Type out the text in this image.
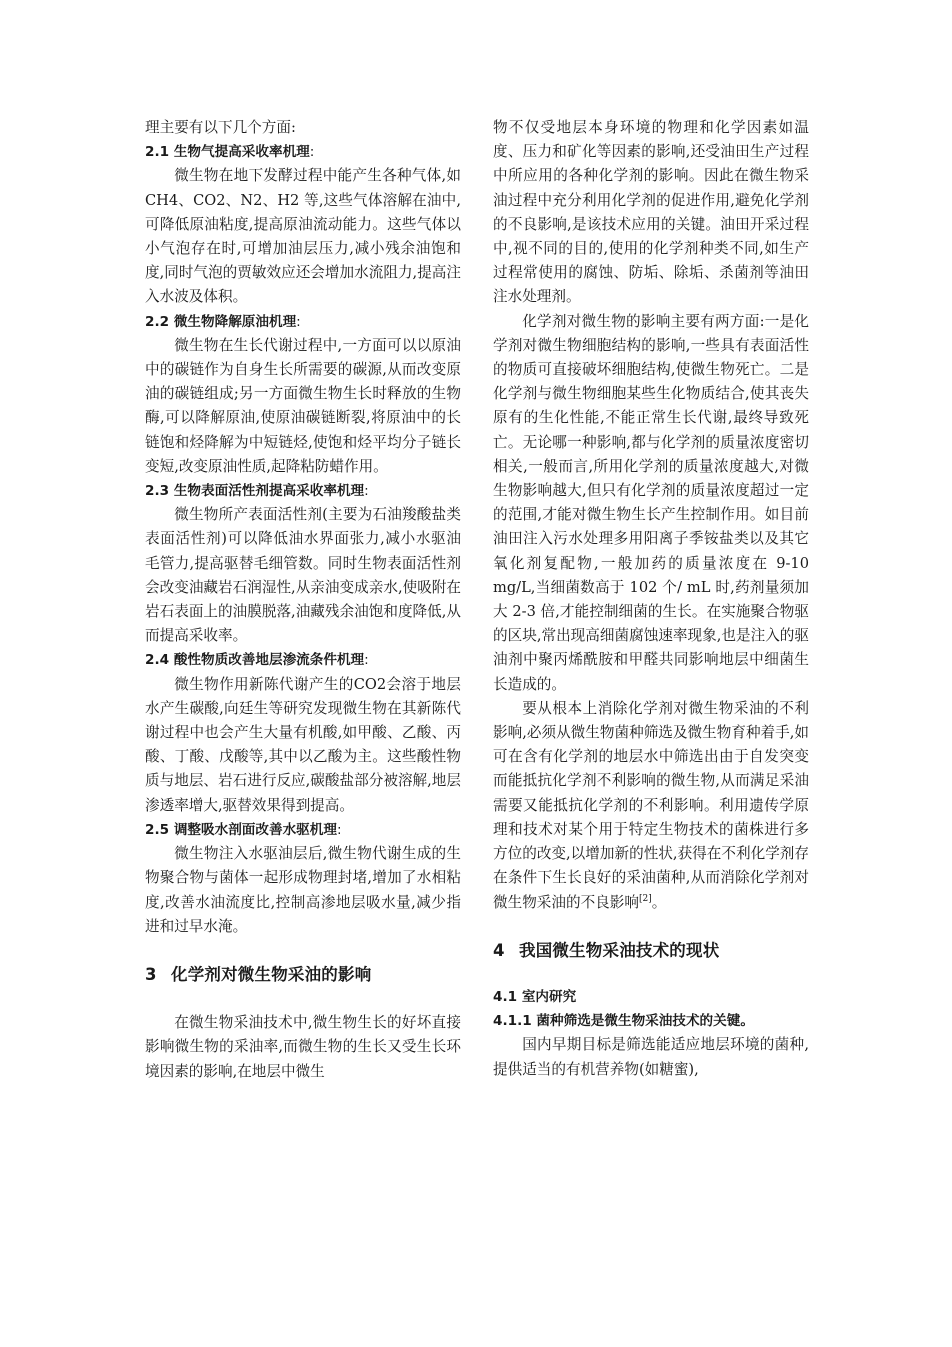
理主要有以下几个方面:

2.1 生物气提高采收率机理:

微生物在地下发酵过程中能产生各种气体,如 CH4、CO2、N2、H2 等,这些气体溶解在油中,可降低原油粘度,提高原油流动能力。这些气体以小气泡存在时,可增加油层压力,减小残余油饱和度,同时气泡的贾敏效应还会增加水流阻力,提高注入水波及体积。

2.2 微生物降解原油机理:

微生物在生长代谢过程中,一方面可以以原油中的碳链作为自身生长所需要的碳源,从而改变原油的碳链组成;另一方面微生物生长时释放的生物酶,可以降解原油,使原油碳链断裂,将原油中的长链饱和烃降解为中短链烃,使饱和烃平均分子链长变短,改变原油性质,起降粘防蜡作用。

2.3 生物表面活性剂提高采收率机理:

微生物所产表面活性剂(主要为石油羧酸盐类表面活性剂)可以降低油水界面张力,减小水驱油毛管力,提高驱替毛细管数。同时生物表面活性剂会改变油藏岩石润湿性,从亲油变成亲水,使吸附在岩石表面上的油膜脱落,油藏残余油饱和度降低,从而提高采收率。

2.4 酸性物质改善地层渗流条件机理:

微生物作用新陈代谢产生的CO2会溶于地层水产生碳酸,向廷生等研究发现微生物在其新陈代谢过程中也会产生大量有机酸,如甲酸、乙酸、丙酸、丁酸、戊酸等,其中以乙酸为主。这些酸性物质与地层、岩石进行反应,碳酸盐部分被溶解,地层渗透率增大,驱替效果得到提高。

2.5 调整吸水剖面改善水驱机理:

微生物注入水驱油层后,微生物代谢生成的生物聚合物与菌体一起形成物理封堵,增加了水相粘度,改善水油流度比,控制高渗地层吸水量,减少指进和过早水淹。

3 化学剂对微生物采油的影响

在微生物采油技术中,微生物生长的好坏直接影响微生物的采油率,而微生物的生长又受生长环境因素的影响,在地层中微生

物不仅受地层本身环境的物理和化学因素如温度、压力和矿化等因素的影响,还受油田生产过程中所应用的各种化学剂的影响。因此在微生物采油过程中充分利用化学剂的促进作用,避免化学剂的不良影响,是该技术应用的关键。油田开采过程中,视不同的目的,使用的化学剂种类不同,如生产过程常使用的腐蚀、防垢、除垢、杀菌剂等油田注水处理剂。

化学剂对微生物的影响主要有两方面:一是化学剂对微生物细胞结构的影响,一些具有表面活性的物质可直接破坏细胞结构,使微生物死亡。二是化学剂与微生物细胞某些生化物质结合,使其丧失原有的生化性能,不能正常生长代谢,最终导致死亡。无论哪一种影响,都与化学剂的质量浓度密切相关,一般而言,所用化学剂的质量浓度越大,对微生物影响越大,但只有化学剂的质量浓度超过一定的范围,才能对微生物生长产生控制作用。如目前油田注入污水处理多用阳离子季铵盐类以及其它氧化剂复配物,一般加药的质量浓度在 9-10 mg/L,当细菌数高于 102 个/ mL 时,药剂量须加大 2-3 倍,才能控制细菌的生长。在实施聚合物驱的区块,常出现高细菌腐蚀速率现象,也是注入的驱油剂中聚丙烯酰胺和甲醛共同影响地层中细菌生长造成的。

要从根本上消除化学剂对微生物采油的不利影响,必须从微生物菌种筛选及微生物育种着手,如可在含有化学剂的地层水中筛选出由于自发突变而能抵抗化学剂不利影响的微生物,从而满足采油需要又能抵抗化学剂的不利影响。利用遗传学原理和技术对某个用于特定生物技术的菌株进行多方位的改变,以增加新的性状,获得在不利化学剂存在条件下生长良好的采油菌种,从而消除化学剂对微生物采油的不良影响[2]。

4 我国微生物采油技术的现状

4.1 室内研究

4.1.1 菌种筛选是微生物采油技术的关键。

国内早期目标是筛选能适应地层环境的菌种,提供适当的有机营养物(如糖蜜),
